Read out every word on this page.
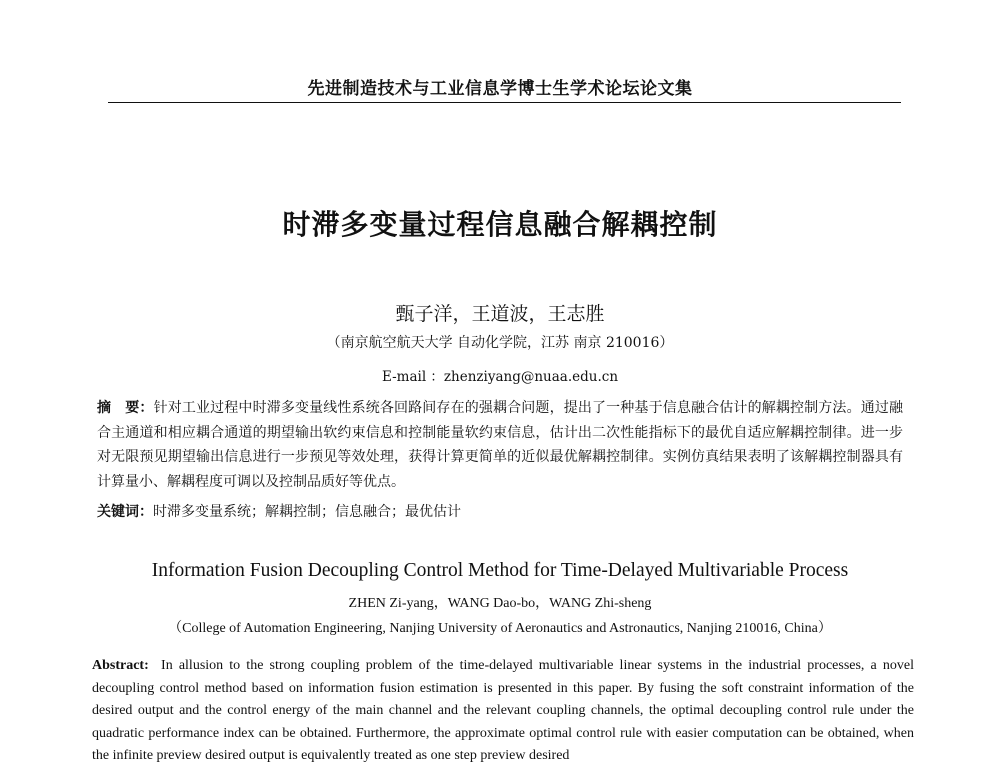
先进制造技术与工业信息学博士生学术论坛论文集
时滞多变量过程信息融合解耦控制
甄子洋，王道波，王志胜
（南京航空航天大学 自动化学院，江苏 南京 210016）
E-mail ：zhenziyang@nuaa.edu.cn
摘　要：针对工业过程中时滞多变量线性系统各回路间存在的强耦合问题，提出了一种基于信息融合估计的解耦控制方法。通过融合主通道和相应耦合通道的期望输出软约束信息和控制能量软约束信息，估计出二次性能指标下的最优自适应解耦控制律。进一步对无限预见期望输出信息进行一步预见等效处理，获得计算更简单的近似最优解耦控制律。实例仿真结果表明了该解耦控制器具有计算量小、解耦程度可调以及控制品质好等优点。
关键词：时滞多变量系统；解耦控制；信息融合；最优估计
Information Fusion Decoupling Control Method for Time-Delayed Multivariable Process
ZHEN Zi-yang，WANG Dao-bo，WANG Zhi-sheng
（College of Automation Engineering, Nanjing University of Aeronautics and Astronautics, Nanjing 210016, China）
Abstract: In allusion to the strong coupling problem of the time-delayed multivariable linear systems in the industrial processes, a novel decoupling control method based on information fusion estimation is presented in this paper. By fusing the soft constraint information of the desired output and the control energy of the main channel and the relevant coupling channels, the optimal decoupling control rule under the quadratic performance index can be obtained. Furthermore, the approximate optimal control rule with easier computation can be obtained, when the infinite preview desired output is equivalently treated as one step preview desired
